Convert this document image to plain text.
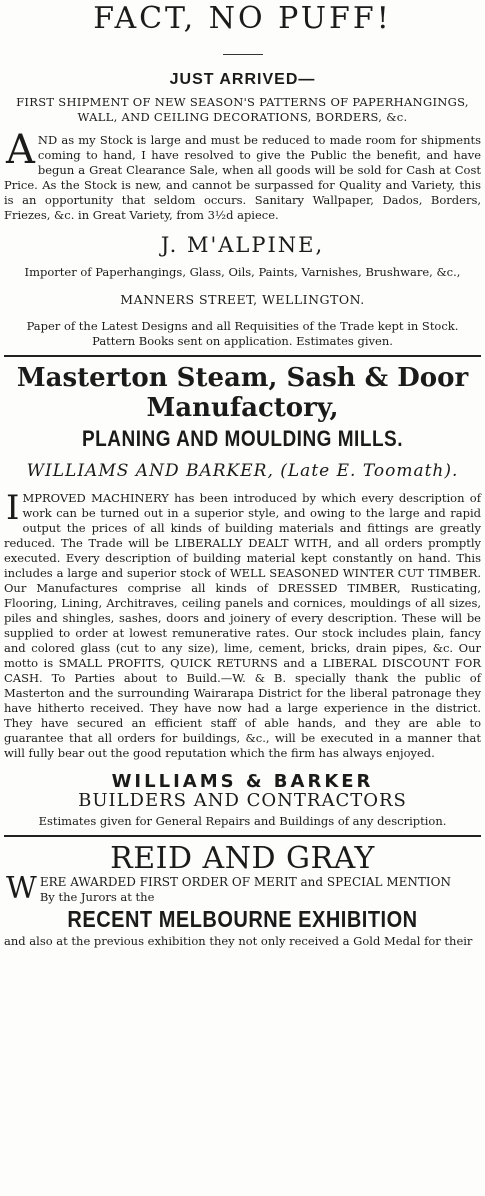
FACT, NO PUFF!
JUST ARRIVED—
FIRST SHIPMENT OF NEW SEASON'S PATTERNS OF PAPERHANGINGS, WALL, AND CEILING DECORATIONS, BORDERS, &c.
A ND as my Stock is large and must be reduced to made room for shipments coming to hand, I have resolved to give the Public the benefit, and have begun a Great Clearance Sale, when all goods will be sold for Cash at Cost Price. As the Stock is new, and cannot be surpassed for Quality and Variety, this is an opportunity that seldom occurs. Sanitary Wallpaper, Dados, Borders, Friezes, &c. in Great Variety, from 3½d apiece.
J. M'ALPINE,
Importer of Paperhangings, Glass, Oils, Paints, Varnishes, Brushware, &c.,
MANNERS STREET, WELLINGTON.
Paper of the Latest Designs and all Requisities of the Trade kept in Stock.
Pattern Books sent on application. Estimates given.
Masterton Steam, Sash & Door
Manufactory,
PLANING AND MOULDING MILLS.
WILLIAMS AND BARKER, (Late E. Toomath).
I MPROVED MACHINERY has been introduced by which every description of work can be turned out in a superior style, and owing to the large and rapid output the prices of all kinds of building materials and fittings are greatly reduced. The Trade will be LIBERALLY DEALT WITH, and all orders promptly executed. Every description of building material kept constantly on hand. This includes a large and superior stock of WELL SEASONED WINTER CUT TIMBER. Our Manufactures comprise all kinds of DRESSED TIMBER, Rusticating, Flooring, Lining, Architraves, ceiling panels and cornices, mouldings of all sizes, piles and shingles, sashes, doors and joinery of every description. These will be supplied to order at lowest remunerative rates. Our stock includes plain, fancy and colored glass (cut to any size), lime, cement, bricks, drain pipes, &c. Our motto is SMALL PROFITS, QUICK RETURNS and a LIBERAL DISCOUNT FOR CASH. To Parties about to Build.—W. & B. specially thank the public of Masterton and the surrounding Wairarapa District for the liberal patronage they have hitherto received. They have now had a large experience in the district. They have secured an efficient staff of able hands, and they are able to guarantee that all orders for buildings, &c., will be executed in a manner that will fully bear out the good reputation which the firm has always enjoyed.
WILLIAMS & BARKER
BUILDERS AND CONTRACTORS
Estimates given for General Repairs and Buildings of any description.
REID AND GRAY
W ERE AWARDED FIRST ORDER OF MERIT and SPECIAL MENTION
By the Jurors at the
RECENT MELBOURNE EXHIBITION
and also at the previous exhibition they not only received a Gold Medal for their
